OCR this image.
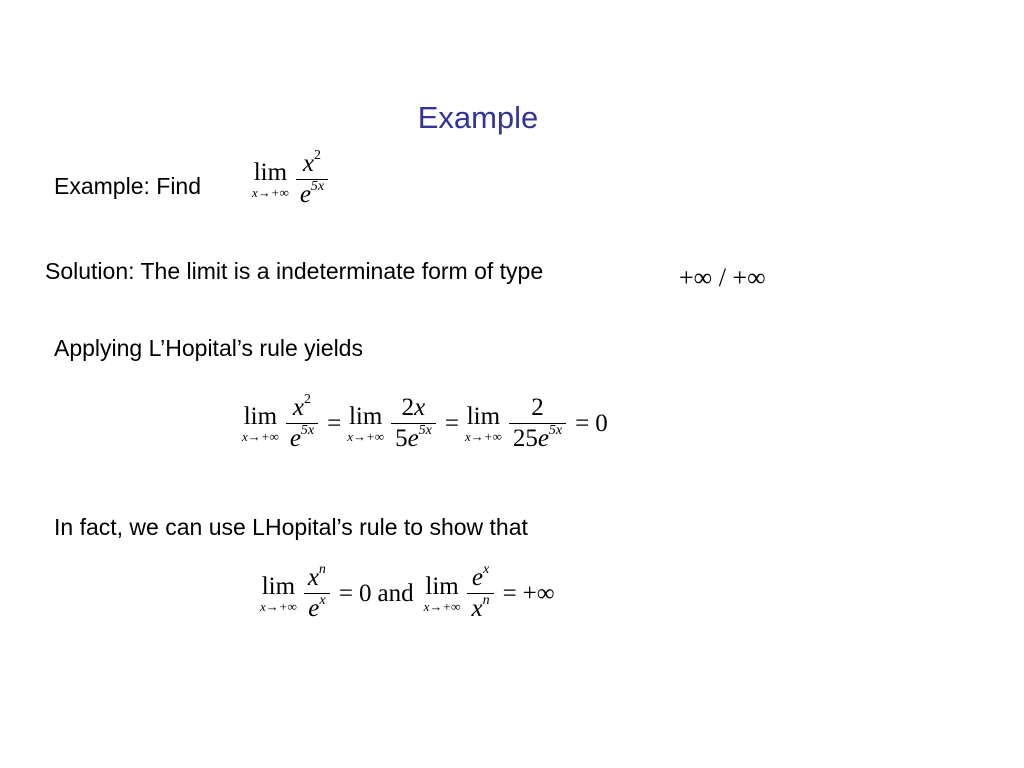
Example
Example: Find
lim
$x\to+\infty \frac{x^2}{e^{5x}}$
Solution: The limit is a indeterminate form of type	+∞ / +∞
Applying L’Hopital’s rule yields
lim
$x\to+\infty \frac{x^2}{e^{5x}} = \lim$
$x\to+\infty \frac{2x}{5e^{5x}} = \lim$
$x\to+\infty \frac{2}{25e^{5x}} = 0$
In fact, we can use LHopital’s rule to show that
lim
$x\to+\infty \frac{x^n}{e^x} = 0$ and lim
$x\to+\infty \frac{e^x}{x^n}$ = +∞
